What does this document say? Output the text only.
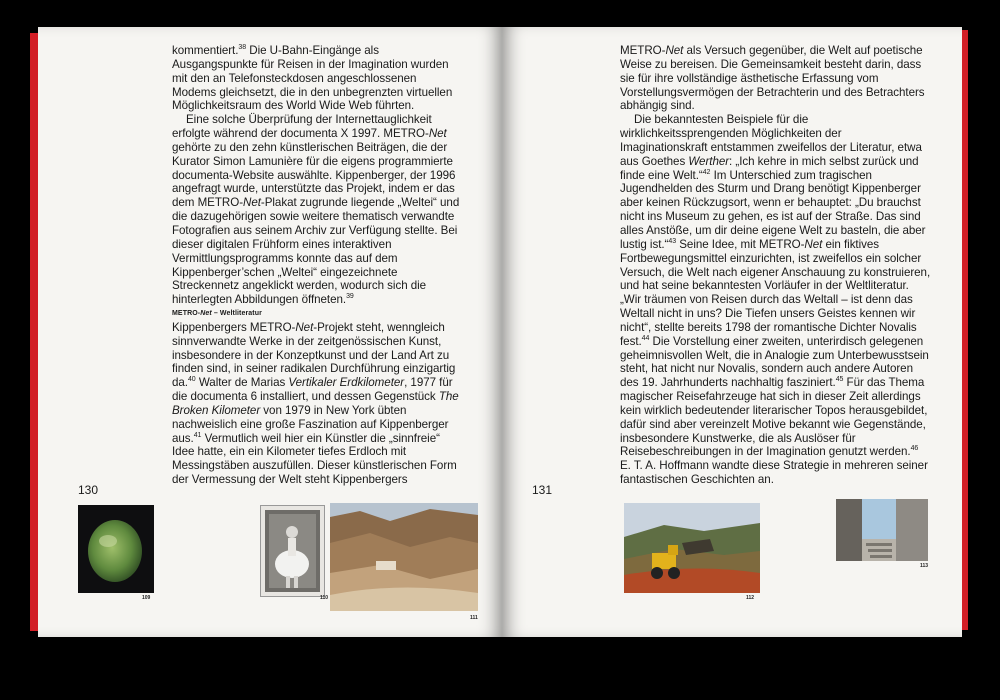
kommentiert.$^{38}$ Die U-Bahn-Eingänge als Ausgangspunkte für Reisen in der Imagination wurden mit den an Telefonsteckdosen angeschlossenen Modems gleichsetzt, die in den unbegrenzten virtuellen Möglichkeitsraum des World Wide Web führten.

Eine solche Überprüfung der Internettauglichkeit erfolgte während der documenta X 1997. METRO-Net gehörte zu den zehn künstlerischen Beiträgen, die der Kurator Simon Lamunière für die eigens programmierte documenta-Website auswählte. Kippenberger, der 1996 angefragt wurde, unterstützte das Projekt, indem er das dem METRO-Net-Plakat zugrunde liegende „Weltei“ und die dazugehörigen sowie weitere thematisch verwandte Fotografien aus seinem Archiv zur Verfügung stellte. Bei dieser digitalen Frühform eines interaktiven Vermittlungsprogramms konnte das auf dem Kippenberger’schen „Weltei“ eingezeichnete Streckennetz angeklickt werden, wodurch sich die hinterlegten Abbildungen öffneten.$^{39}$

METRO-Net – Weltliteratur

Kippenbergers METRO-Net-Projekt steht, wenngleich sinnverwandte Werke in der zeitgenössischen Kunst, insbesondere in der Konzeptkunst und der Land Art zu finden sind, in seiner radikalen Durchführung einzigartig da.$^{40}$ Walter de Marias Vertikaler Erdkilometer, 1977 für die documenta 6 installiert, und dessen Gegenstück The Broken Kilometer von 1979 in New York übten nachweislich eine große Faszination auf Kippenberger aus.$^{41}$ Vermutlich weil hier ein Künstler die „sinnfreie“ Idee hatte, ein ein Kilometer tiefes Erdloch mit Messingstäben auszufüllen. Dieser künstlerischen Form der Vermessung der Welt steht Kippenbergers

130
109	110
111

METRO-Net als Versuch gegenüber, die Welt auf poetische Weise zu bereisen. Die Gemeinsamkeit besteht darin, dass sie für ihre vollständige ästhetische Erfassung vom Vorstellungsvermögen der Betrachterin und des Betrachters abhängig sind.

Die bekanntesten Beispiele für die wirklichkeitssprengenden Möglichkeiten der Imaginationskraft entstammen zweifellos der Literatur, etwa aus Goethes Werther: „Ich kehre in mich selbst zurück und finde eine Welt.“$^{42}$ Im Unterschied zum tragischen Jugendhelden des Sturm und Drang benötigt Kippenberger aber keinen Rückzugsort, wenn er behauptet: „Du brauchst nicht ins Museum zu gehen, es ist auf der Straße. Das sind alles Anstöße, um dir deine eigene Welt zu basteln, die aber lustig ist.“$^{43}$ Seine Idee, mit METRO-Net ein fiktives Fortbewegungsmittel einzurichten, ist zweifellos ein solcher Versuch, die Welt nach eigener Anschauung zu konstruieren, und hat seine bekanntesten Vorläufer in der Weltliteratur. „Wir träumen von Reisen durch das Weltall – ist denn das Weltall nicht in uns? Die Tiefen unsers Geistes kennen wir nicht“, stellte bereits 1798 der romantische Dichter Novalis fest.$^{44}$ Die Vorstellung einer zweiten, unterirdisch gelegenen geheimnisvollen Welt, die in Analogie zum Unterbewusstsein steht, hat nicht nur Novalis, sondern auch andere Autoren des 19. Jahrhunderts nachhaltig fasziniert.$^{45}$ Für das Thema magischer Reisefahrzeuge hat sich in dieser Zeit allerdings kein wirklich bedeutender literarischer Topos herausgebildet, dafür sind aber vereinzelt Motive bekannt wie Gegenstände, insbesondere Kunstwerke, die als Auslöser für Reisebeschreibungen in der Imagination genutzt werden.$^{46}$ E. T. A. Hoffmann wandte diese Strategie in mehreren seiner fantastischen Geschichten an.

131
112
113
